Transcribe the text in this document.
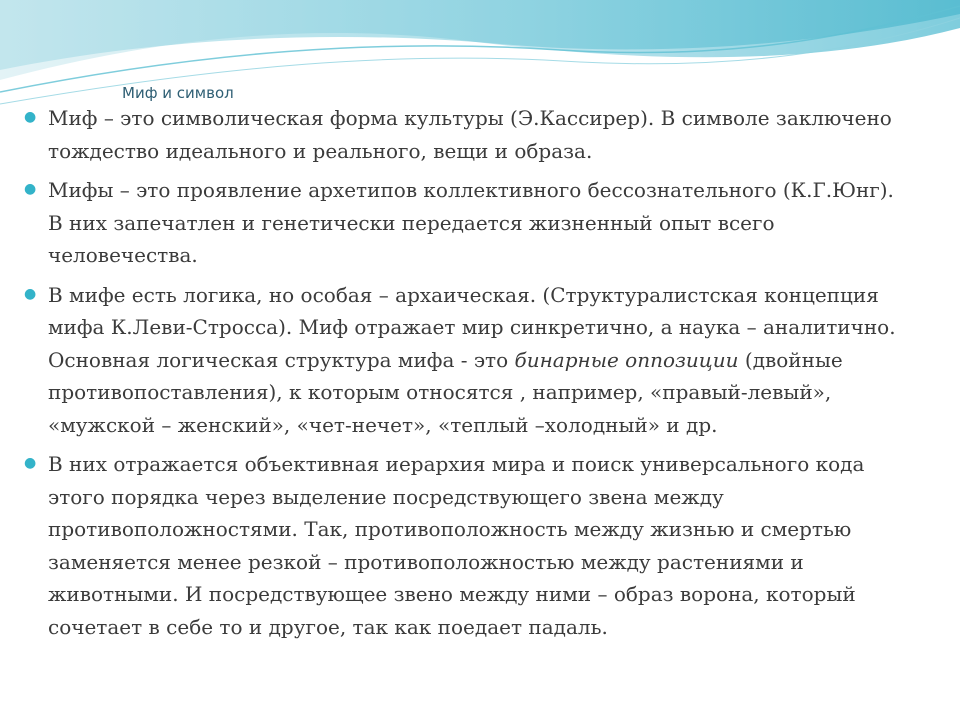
Миф и символ
● Миф – это символическая форма культуры (Э.Кассирер). В символе заключено тождество идеального и реального, вещи и образа.
● Мифы – это проявление архетипов коллективного бессознательного (К.Г.Юнг). В них запечатлен и генетически передается жизненный опыт всего человечества.
● В мифе есть логика, но особая – архаическая. (Структуралистская концепция мифа К.Леви-Стросса). Миф отражает мир синкретично, а наука – аналитично. Основная логическая структура мифа - это бинарные оппозиции (двойные противопоставления), к которым относятся , например, «правый-левый», «мужской – женский», «чет-нечет», «теплый –холодный» и др.
● В них отражается объективная иерархия мира и поиск универсального кода этого порядка через выделение посредствующего звена между противоположностями. Так, противоположность между жизнью и смертью заменяется менее резкой – противоположностью между растениями и животными. И посредствующее звено между ними – образ ворона, который сочетает в себе то и другое, так как поедает падаль.
